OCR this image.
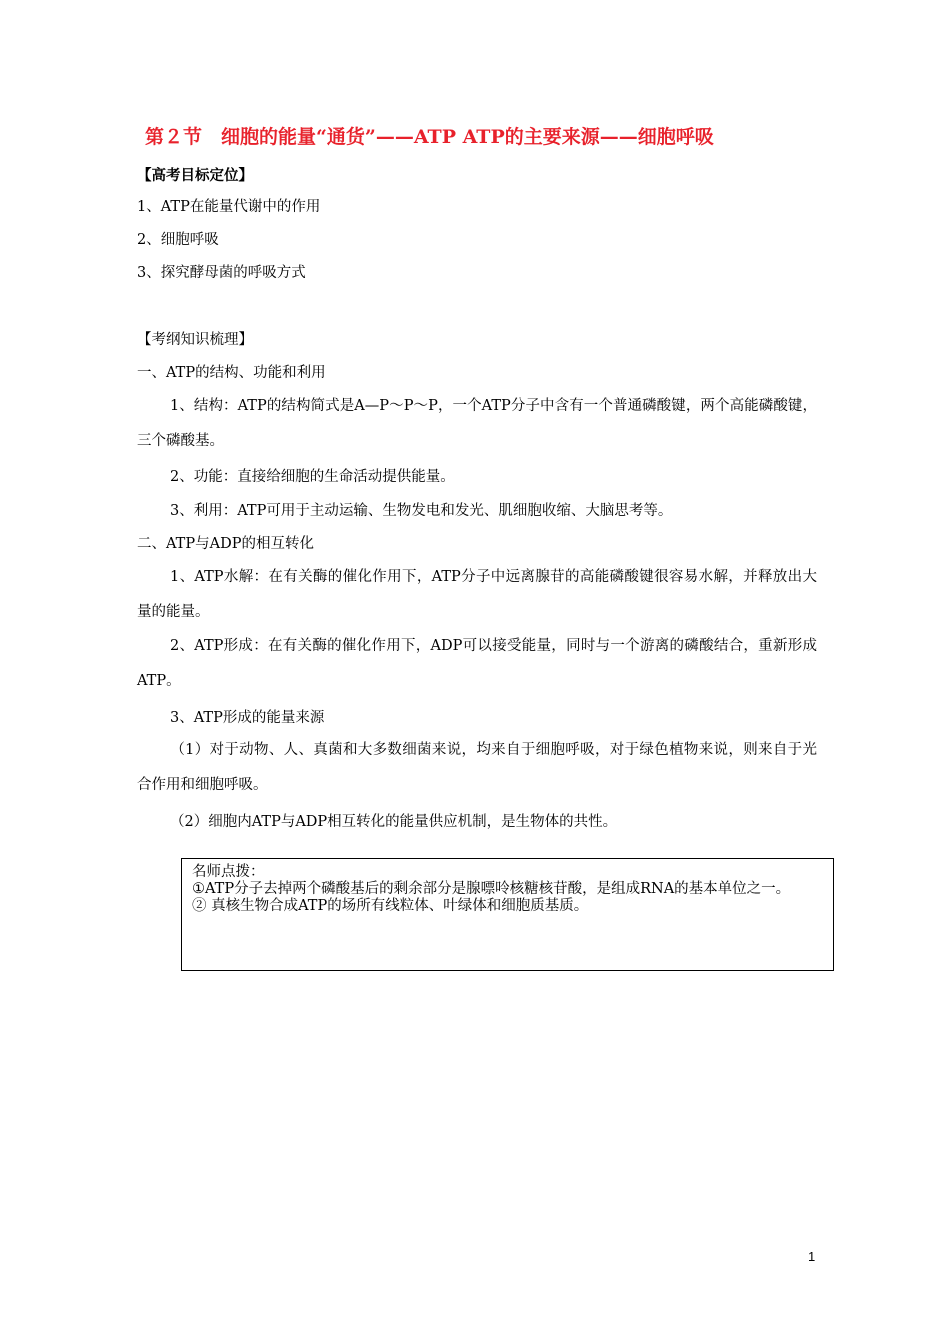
第２节　细胞的能量“通货”——ATP ATP的主要来源——细胞呼吸
【高考目标定位】
1、ATP在能量代谢中的作用
2、细胞呼吸
3、探究酵母菌的呼吸方式
【考纲知识梳理】
一、ATP的结构、功能和利用
1、结构：ATP的结构简式是A—P～P～P，一个ATP分子中含有一个普通磷酸键，两个高能磷酸键，三个磷酸基。
2、功能：直接给细胞的生命活动提供能量。
3、利用：ATP可用于主动运输、生物发电和发光、肌细胞收缩、大脑思考等。
二、ATP与ADP的相互转化
1、ATP水解：在有关酶的催化作用下，ATP分子中远离腺苷的高能磷酸键很容易水解，并释放出大量的能量。
2、ATP形成：在有关酶的催化作用下，ADP可以接受能量，同时与一个游离的磷酸结合，重新形成ATP。
3、ATP形成的能量来源
（1）对于动物、人、真菌和大多数细菌来说，均来自于细胞呼吸，对于绿色植物来说，则来自于光合作用和细胞呼吸。
（2）细胞内ATP与ADP相互转化的能量供应机制，是生物体的共性。
名师点拨：
①ATP分子去掉两个磷酸基后的剩余部分是腺嘌呤核糖核苷酸，是组成RNA的基本单位之一。
② 真核生物合成ATP的场所有线粒体、叶绿体和细胞质基质。
1
